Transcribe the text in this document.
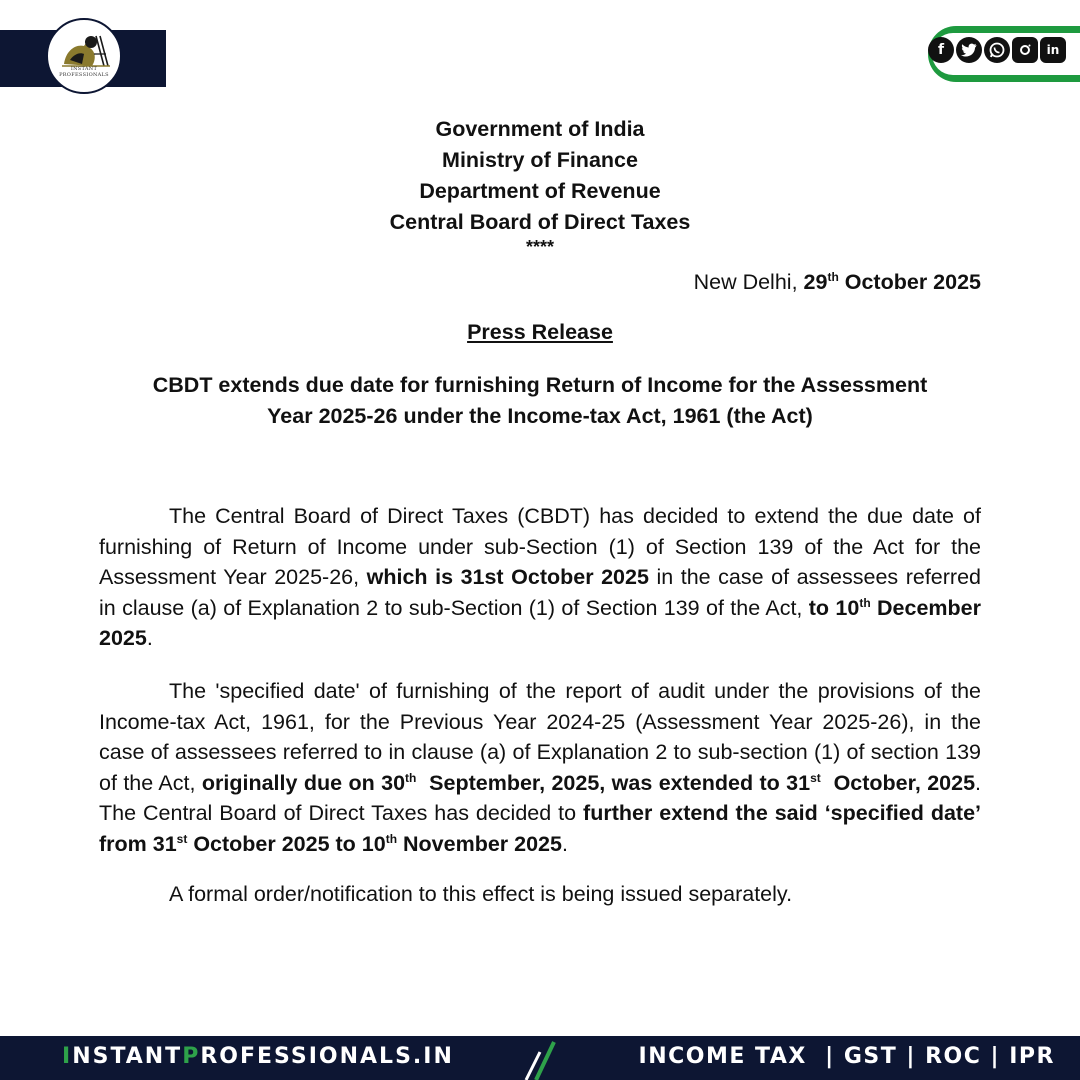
INSTANT PROFESSIONALS
f	in
Government of India
Ministry of Finance
Department of Revenue
Central Board of Direct Taxes
****
New Delhi, 29th October 2025
Press Release
CBDT extends due date for furnishing Return of Income for the Assessment
Year 2025-26 under the Income-tax Act, 1961 (the Act)
The Central Board of Direct Taxes (CBDT) has decided to extend the due date of furnishing of Return of Income under sub-Section (1) of Section 139 of the Act for the Assessment Year 2025-26, which is 31st October 2025 in the case of assessees referred in clause (a) of Explanation 2 to sub-Section (1) of Section 139 of the Act, to 10th December 2025.
The 'specified date' of furnishing of the report of audit under the provisions of the Income-tax Act, 1961, for the Previous Year 2024-25 (Assessment Year 2025-26), in the case of assessees referred to in clause (a) of Explanation 2 to sub-section (1) of section 139 of the Act, originally due on 30th  September, 2025, was extended to 31st  October, 2025. The Central Board of Direct Taxes has decided to further extend the said ‘specified date’ from 31st October 2025 to 10th November 2025.
A formal order/notification to this effect is being issued separately.
INSTANTPROFESSIONALS.IN	INCOME TAX  | GST | ROC | IPR
